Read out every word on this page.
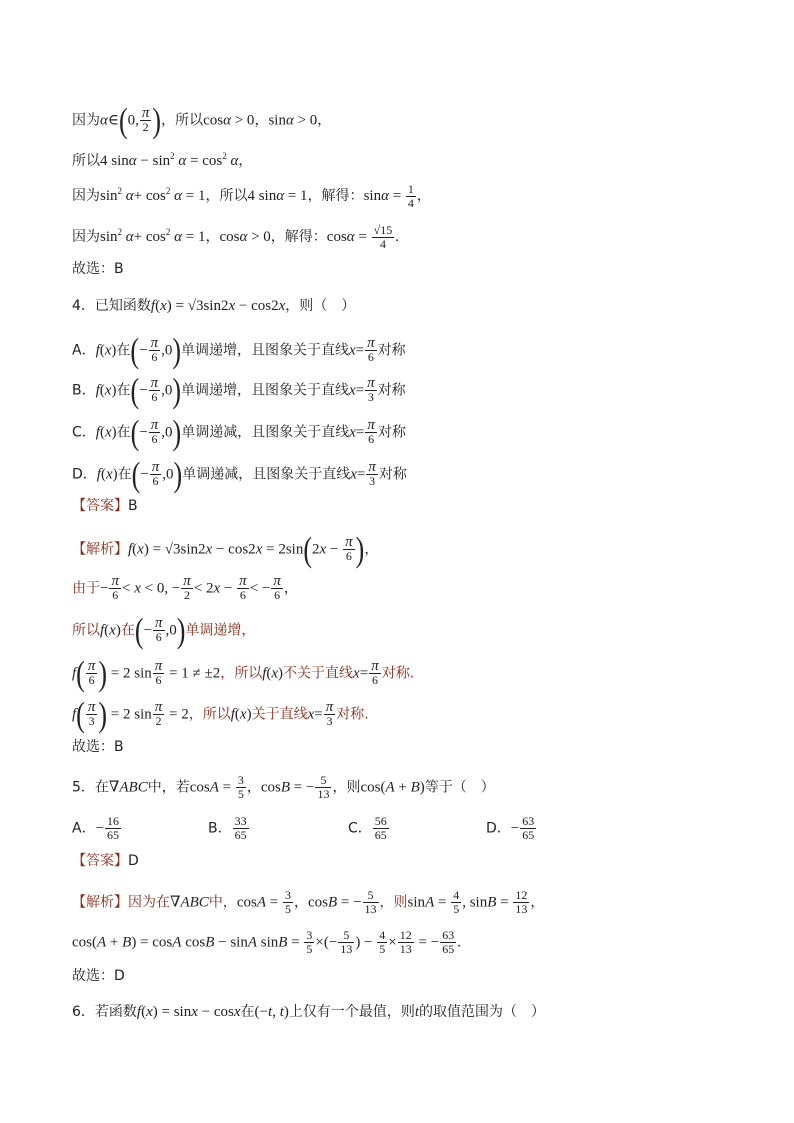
因为α∈(0, $\frac{\pi}{2}$ )，所以cosα > 0，sinα > 0，
所以4 $\sin\alpha - \sin^2 \alpha = \cos^2 \alpha$，
因为$\sin^2 \alpha+ \cos^2 \alpha = 1$，所以4 sinα = 1，解得：$\sin\alpha = \frac{1}{4}$ ，
因为$\sin^2 \alpha+ \cos^2 \alpha = 1$，cosα > 0，解得：$\cos\alpha = \frac{√15}{4}$ .
故选：B
4．已知函数f(x) = √3sin2x − cos2x，则（　）
A．f(x)在(− $\frac{\pi}{6} ,0$)单调递增，且图象关于直线$x= \frac{\pi}{6}$ 对称
B．f(x)在(− $\frac{\pi}{6} ,0$)单调递增，且图象关于直线$x= \frac{\pi}{3}$ 对称
C．f(x)在(− $\frac{\pi}{6} ,0$)单调递减，且图象关于直线$x= \frac{\pi}{6}$ 对称
D．f(x)在(− $\frac{\pi}{6} ,0$)单调递减，且图象关于直线$x= \frac{\pi}{3}$ 对称
【答案】B
【解析】$f(x) = √3\sin 2x - \cos 2x = 2\sin(2x - \frac{\pi}{6}$ )，
由于− $\frac{\pi}{6} < x < 0$, − $\frac{\pi}{2} < 2x - \frac{\pi}{6}$ < − $\frac{\pi}{6}$ ，
所以f(x)在(− $\frac{\pi}{6} ,0$)单调递增，
$f( \frac{\pi}{6}$ ) = 2 $\sin \frac{\pi}{6} = 1 \ne \pm 2$，所以f(x)不关于直线$x= \frac{\pi}{6}$ 对称.
$f( \frac{\pi}{3}$ ) = 2 $\sin \frac{\pi}{2} = 2$，所以f(x)关于直线$x= \frac{\pi}{3}$ 对称.
故选：B
5．在∇ABC中，若$\cos A = \frac{3}{5}$ ，cosB = − $\frac{5}{13}$ ，则cos(A + B)等于（　）
A．− $\frac{16}{65}$	B． $\frac{33}{65}$	C． $\frac{56}{65}$	D．− $\frac{63}{65}$
【答案】D
【解析】因为在∇ABC中，$\cos A = \frac{3}{5}$ ，cosB = − $\frac{5}{13}$ ，则$\sin A = \frac{4}{5}$ , $\sin B = \frac{12}{13}$ ，
cos(A + B) = cosA cosB − sinA $\sin B = \frac{3}{5}$ ×(− $\frac{5}{13}$ ) − $\frac{4}{5} \times \frac{12}{13}$ = − $\frac{63}{65}$ .
故选：D
6．若函数f(x) = sinx − cosx在(−t, t)上仅有一个最值，则t的取值范围为（　）
